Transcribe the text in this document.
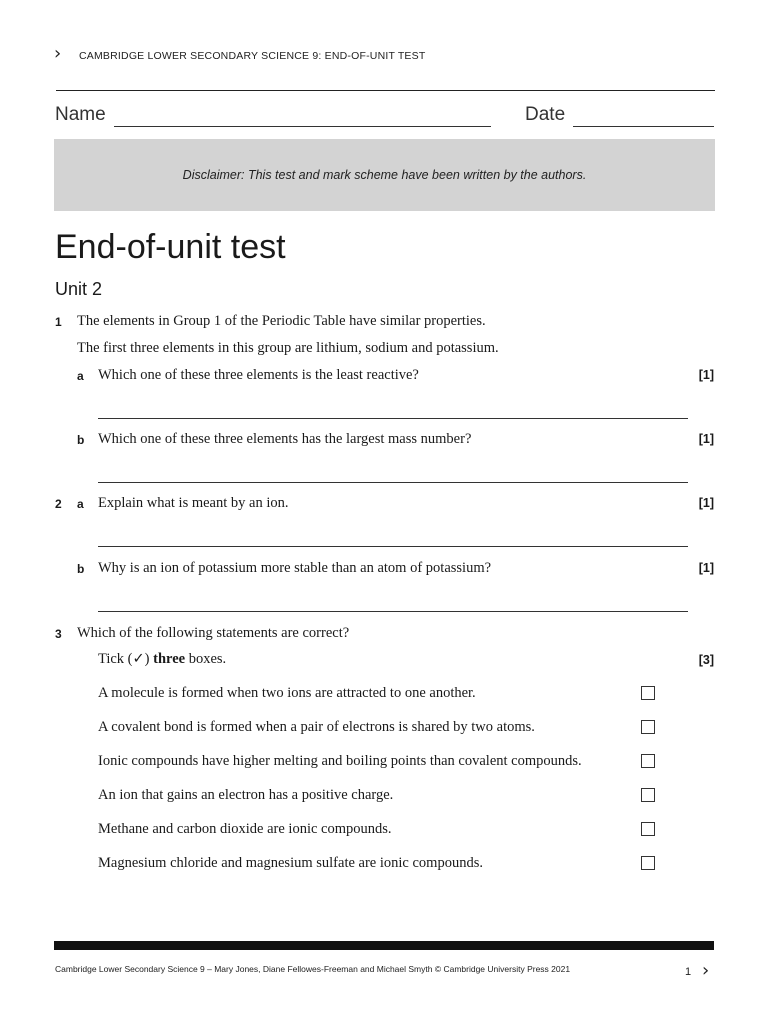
› CAMBRIDGE LOWER SECONDARY SCIENCE 9: END-OF-UNIT TEST
Name	Date
Disclaimer: This test and mark scheme have been written by the authors.
End-of-unit test
Unit 2
1 The elements in Group 1 of the Periodic Table have similar properties.
The first three elements in this group are lithium, sodium and potassium.
a Which one of these three elements is the least reactive?	[1]
b Which one of these three elements has the largest mass number?	[1]
2 a Explain what is meant by an ion.	[1]
b Why is an ion of potassium more stable than an atom of potassium?	[1]
3 Which of the following statements are correct?
Tick (✓) three boxes.	[3]
A molecule is formed when two ions are attracted to one another.
A covalent bond is formed when a pair of electrons is shared by two atoms.
Ionic compounds have higher melting and boiling points than covalent compounds.
An ion that gains an electron has a positive charge.
Methane and carbon dioxide are ionic compounds.
Magnesium chloride and magnesium sulfate are ionic compounds.
Cambridge Lower Secondary Science 9 – Mary Jones, Diane Fellowes-Freeman and Michael Smyth © Cambridge University Press 2021	1 ›
